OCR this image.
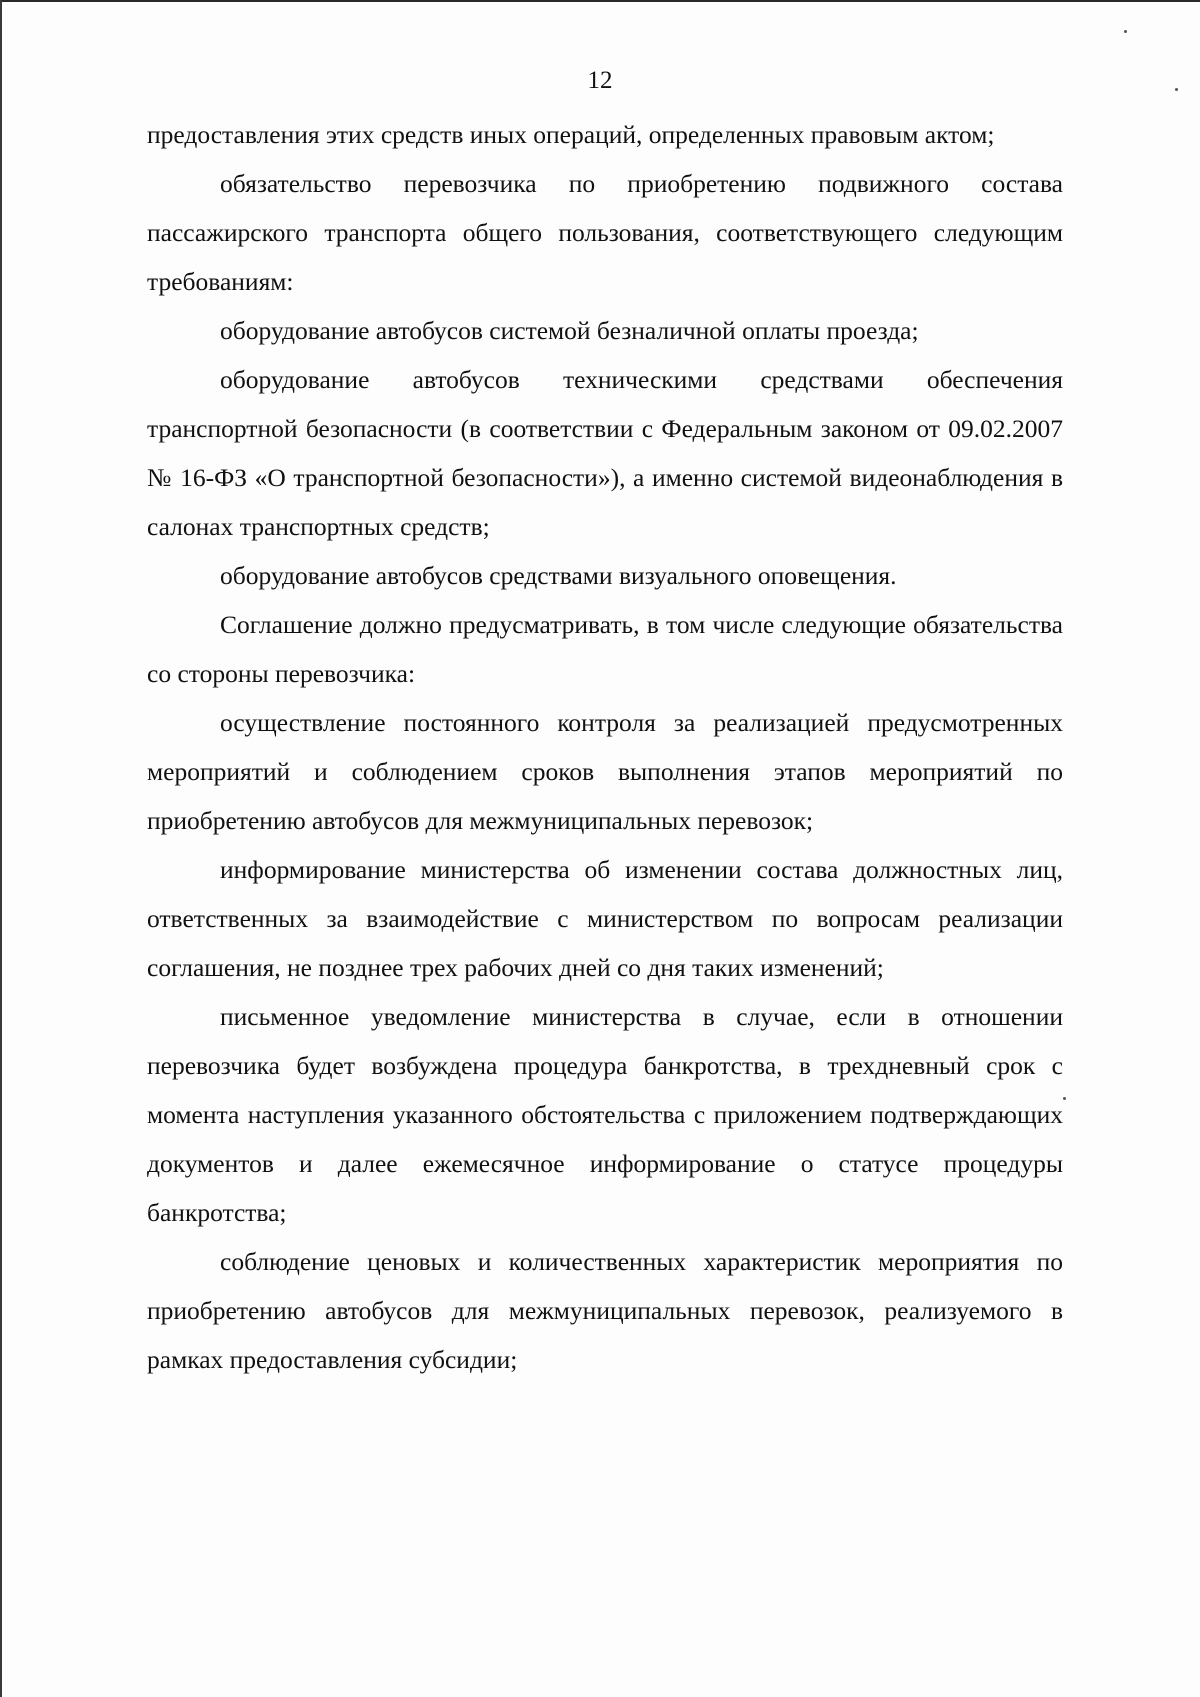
12

предоставления этих средств иных операций, определенных правовым актом;

обязательство перевозчика по приобретению подвижного состава пассажирского транспорта общего пользования, соответствующего следующим требованиям:

оборудование автобусов системой безналичной оплаты проезда;

оборудование автобусов техническими средствами обеспечения транспортной безопасности (в соответствии с Федеральным законом от 09.02.2007 № 16-ФЗ «О транспортной безопасности»), а именно системой видеонаблюдения в салонах транспортных средств;

оборудование автобусов средствами визуального оповещения.

Соглашение должно предусматривать, в том числе следующие обязательства со стороны перевозчика:

осуществление постоянного контроля за реализацией предусмотренных мероприятий и соблюдением сроков выполнения этапов мероприятий по приобретению автобусов для межмуниципальных перевозок;

информирование министерства об изменении состава должностных лиц, ответственных за взаимодействие с министерством по вопросам реализации соглашения, не позднее трех рабочих дней со дня таких изменений;

письменное уведомление министерства в случае, если в отношении перевозчика будет возбуждена процедура банкротства, в трехдневный срок с момента наступления указанного обстоятельства с приложением подтверждающих документов и далее ежемесячное информирование о статусе процедуры банкротства;

соблюдение ценовых и количественных характеристик мероприятия по приобретению автобусов для межмуниципальных перевозок, реализуемого в рамках предоставления субсидии;
